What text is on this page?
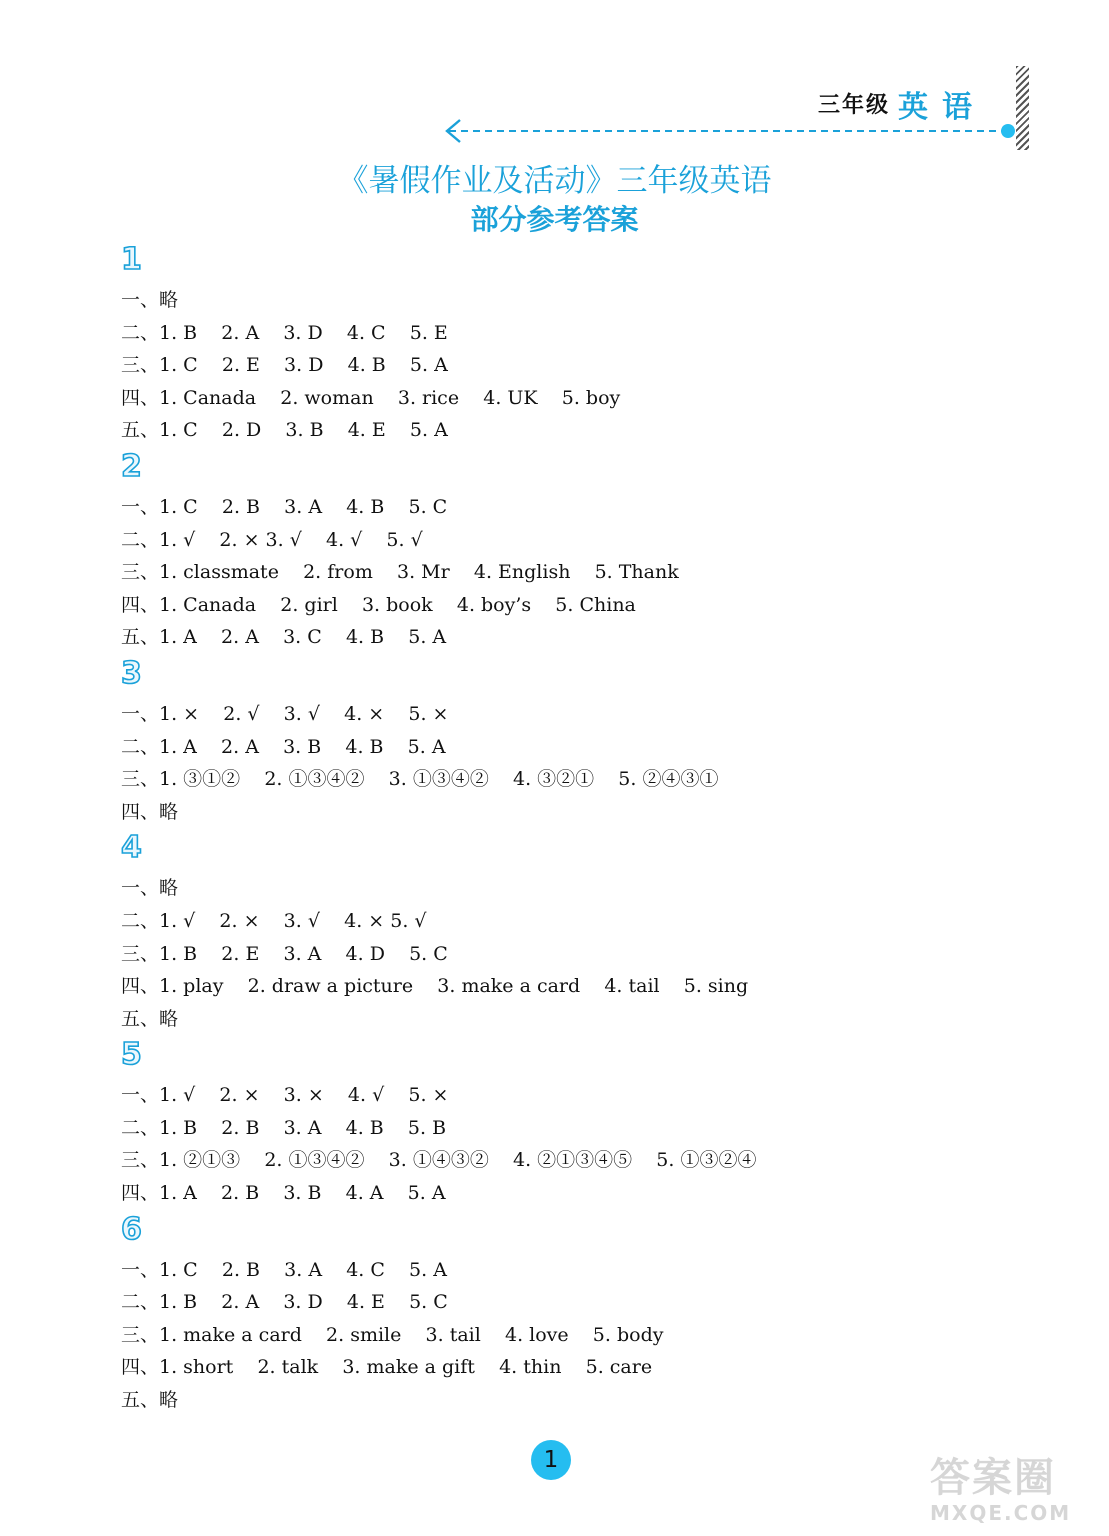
三年级 英语
《暑假作业及活动》三年级英语
部分参考答案
1
一、略
二、1. B    2. A    3. D    4. C    5. E
三、1. C    2. E    3. D    4. B    5. A
四、1. Canada    2. woman    3. rice    4. UK    5. boy
五、1. C    2. D    3. B    4. E    5. A
2
一、1. C    2. B    3. A    4. B    5. C
二、1. √    2. × 3. √    4. √    5. √
三、1. classmate    2. from    3. Mr    4. English    5. Thank
四、1. Canada    2. girl    3. book    4. boy’s    5. China
五、1. A    2. A    3. C    4. B    5. A
3
一、1. ×    2. √    3. √    4. ×    5. ×
二、1. A    2. A    3. B    4. B    5. A
三、1. ③①②    2. ①③④②    3. ①③④②    4. ③②①    5. ②④③①
四、略
4
一、略
二、1. √    2. ×    3. √    4. × 5. √
三、1. B    2. E    3. A    4. D    5. C
四、1. play    2. draw a picture    3. make a card    4. tail    5. sing
五、略
5
一、1. √    2. ×    3. ×    4. √    5. ×
二、1. B    2. B    3. A    4. B    5. B
三、1. ②①③    2. ①③④②    3. ①④③②    4. ②①③④⑤    5. ①③②④
四、1. A    2. B    3. B    4. A    5. A
6
一、1. C    2. B    3. A    4. C    5. A
二、1. B    2. A    3. D    4. E    5. C
三、1. make a card    2. smile    3. tail    4. love    5. body
四、1. short    2. talk    3. make a gift    4. thin    5. care
五、略
1	答案圈
MXQE.COM
